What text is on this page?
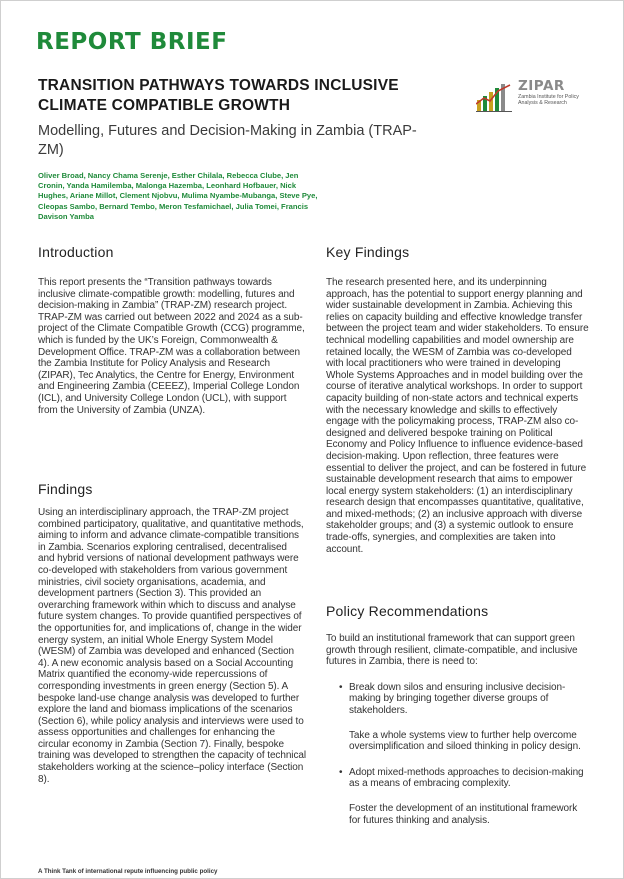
REPORT BRIEF
TRANSITION PATHWAYS TOWARDS INCLUSIVE
CLIMATE COMPATIBLE GROWTH
Modelling, Futures and Decision-Making in Zambia (TRAP-ZM)
Oliver Broad, Nancy Chama Serenje, Esther Chilala, Rebecca Clube, Jen Cronin, Yanda Hamilemba, Malonga Hazemba, Leonhard Hofbauer, Nick Hughes, Ariane Millot, Clement Njobvu, Mulima Nyambe-Mubanga, Steve Pye, Cleopas Sambo, Bernard Tembo, Meron Tesfamichael, Julia Tomei, Francis Davison Yamba
ZIPAR
Zambia Institute for Policy Analysis & Research
Introduction
This report presents the “Transition pathways towards inclusive climate-compatible growth: modelling, futures and decision-making in Zambia” (TRAP-ZM) research project. TRAP-ZM was carried out between 2022 and 2024 as a sub-project of the Climate Compatible Growth (CCG) programme, which is funded by the UK’s Foreign, Commonwealth & Development Office. TRAP-ZM was a collaboration between the Zambia Institute for Policy Analysis and Research (ZIPAR), Tec Analytics, the Centre for Energy, Environment and Engineering Zambia (CEEEZ), Imperial College London (ICL), and University College London (UCL), with support from the University of Zambia (UNZA).
Findings
Using an interdisciplinary approach, the TRAP-ZM project combined participatory, qualitative, and quantitative methods, aiming to inform and advance climate-compatible transitions in Zambia. Scenarios exploring centralised, decentralised and hybrid versions of national development pathways were co-developed with stakeholders from various government ministries, civil society organisations, academia, and development partners (Section 3). This provided an overarching framework within which to discuss and analyse future system changes. To provide quantified perspectives of the opportunities for, and implications of, change in the wider energy system, an initial Whole Energy System Model (WESM) of Zambia was developed and enhanced (Section 4). A new economic analysis based on a Social Accounting Matrix quantified the economy-wide repercussions of corresponding investments in green energy (Section 5). A bespoke land-use change analysis was developed to further explore the land and biomass implications of the scenarios (Section 6), while policy analysis and interviews were used to assess opportunities and challenges for enhancing the circular economy in Zambia (Section 7). Finally, bespoke training was developed to strengthen the capacity of technical stakeholders working at the science–policy interface (Section 8).
Key Findings
The research presented here, and its underpinning approach, has the potential to support energy planning and wider sustainable development in Zambia. Achieving this relies on capacity building and effective knowledge transfer between the project team and wider stakeholders. To ensure technical modelling capabilities and model ownership are retained locally, the WESM of Zambia was co-developed with local practitioners who were trained in developing Whole Systems Approaches and in model building over the course of iterative analytical workshops. In order to support capacity building of non-state actors and technical experts with the necessary knowledge and skills to effectively engage with the policymaking process, TRAP-ZM also co-designed and delivered bespoke training on Political Economy and Policy Influence to influence evidence-based decision-making. Upon reflection, three features were essential to deliver the project, and can be fostered in future sustainable development research that aims to empower local energy system stakeholders: (1) an interdisciplinary research design that encompasses quantitative, qualitative, and mixed-methods; (2) an inclusive approach with diverse stakeholder groups; and (3) a systemic outlook to ensure trade-offs, synergies, and complexities are taken into account.
Policy Recommendations
To build an institutional framework that can support green growth through resilient, climate-compatible, and inclusive futures in Zambia, there is need to:
• Break down silos and ensuring inclusive decision-making by bringing together diverse groups of stakeholders.
Take a whole systems view to further help overcome oversimplification and siloed thinking in policy design.
• Adopt mixed-methods approaches to decision-making as a means of embracing complexity.
Foster the development of an institutional framework for futures thinking and analysis.
A Think Tank of international repute influencing public policy
